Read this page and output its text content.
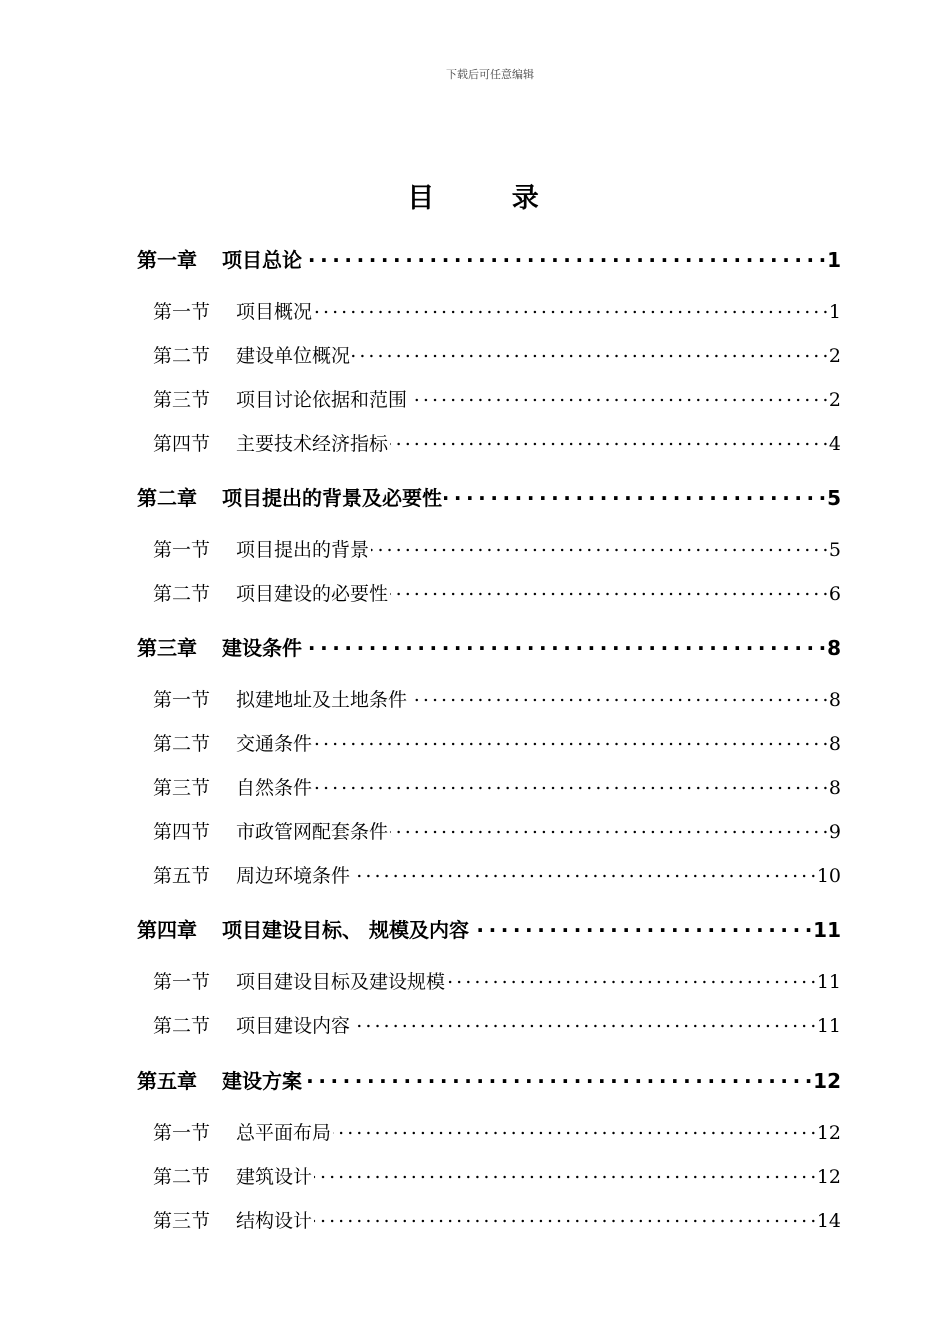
下载后可任意编辑
目 录
第一章 项目总论 . . .	1
第一节 项目概况 . . .	1
第二节 建设单位概况 . . .	2
第三节 项目讨论依据和范围 . . .	2
第四节 主要技术经济指标 . . .	4
第二章 项目提出的背景及必要性 . . .	5
第一节 项目提出的背景 . . .	5
第二节 项目建设的必要性 . . .	6
第三章 建设条件 . . .	8
第一节 拟建地址及土地条件 . . .	8
第二节 交通条件 . . .	8
第三节 自然条件 . . .	8
第四节 市政管网配套条件 . . .	9
第五节 周边环境条件 . . .	10
第四章 项目建设目标、 规模及内容 . . .	11
第一节 项目建设目标及建设规模 . . .	11
第二节 项目建设内容 . . .	11
第五章 建设方案 . . .	12
第一节 总平面布局 . . .	12
第二节 建筑设计 . . .	12
第三节 结构设计 . . .	14
